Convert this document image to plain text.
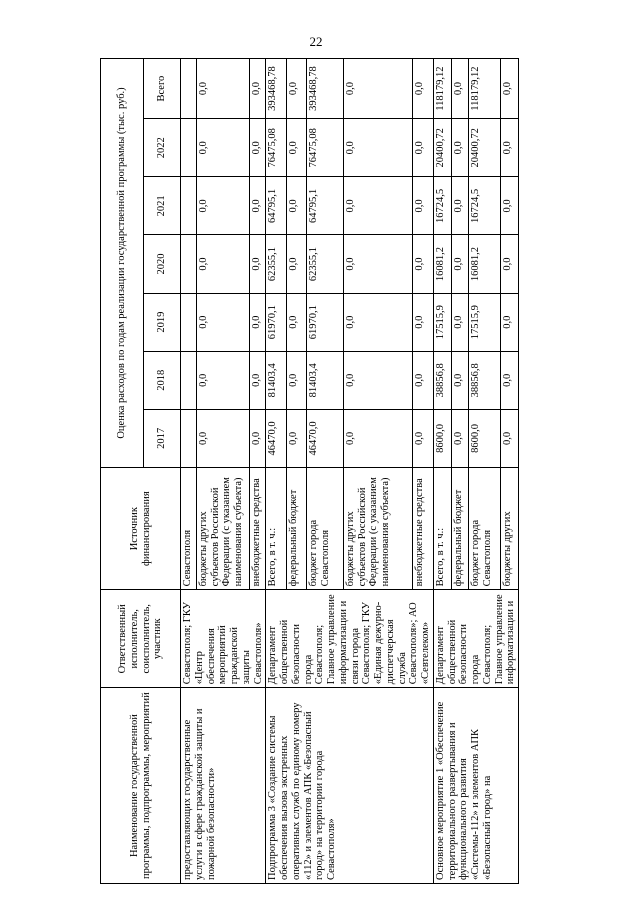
22
Наименование государственной программы, подпрограммы, мероприятий	Ответственный исполнитель, соисполнитель, участник	Источник финансирования	Оценка расходов по годам реализации государственной программы (тыс. руб.)						
			2017	2018	2019	2020	2021	2022	Всего
предоставляющих государственные услуги в сфере гражданской защиты и пожарной безопасности»	Севастополя; ГКУ «Центр обеспечения мероприятий гражданской защиты Севастополя»	Севастополя							
		бюджеты других субъектов Российской Федерации (с указанием наименования субъекта)	0,0	0,0	0,0	0,0	0,0	0,0	0,0
		внебюджетные средства	0,0	0,0	0,0	0,0	0,0	0,0	0,0
Подпрограмма 3 «Создание системы обеспечения вызова экстренных оперативных служб по единому номеру «112» и элементов АПК «Безопасный город» на территории города Севастополя»	Департамент общественной безопасности города Севастополя; Главное управление информатизации и связи города Севастополя; ГКУ «Единая дежурно-диспетчерская служба Севастополя»; АО «Севтелеком»	Всего, в т. ч.:	46470,0	81403,4	61970,1	62355,1	64795,1	76475,08	393468,78
		федеральный бюджет	0,0	0,0	0,0	0,0	0,0	0,0	0,0
		бюджет города Севастополя	46470,0	81403,4	61970,1	62355,1	64795,1	76475,08	393468,78
		бюджеты других субъектов Российской Федерации (с указанием наименования субъекта)	0,0	0,0	0,0	0,0	0,0	0,0	0,0
		внебюджетные средства	0,0	0,0	0,0	0,0	0,0	0,0	0,0
Основное мероприятие 1 «Обеспечение территориального развертывания и функционального развития «Системы-112» и элементов АПК «Безопасный город» на	Департамент общественной безопасности города Севастополя; Главное управление информатизации и	Всего, в т. ч.:	8600,0	38856,8	17515,9	16081,2	16724,5	20400,72	118179,12
		федеральный бюджет	0,0	0,0	0,0	0,0	0,0	0,0	0,0
		бюджет города Севастополя	8600,0	38856,8	17515,9	16081,2	16724,5	20400,72	118179,12
		бюджеты других	0,0	0,0	0,0	0,0	0,0	0,0	0,0
